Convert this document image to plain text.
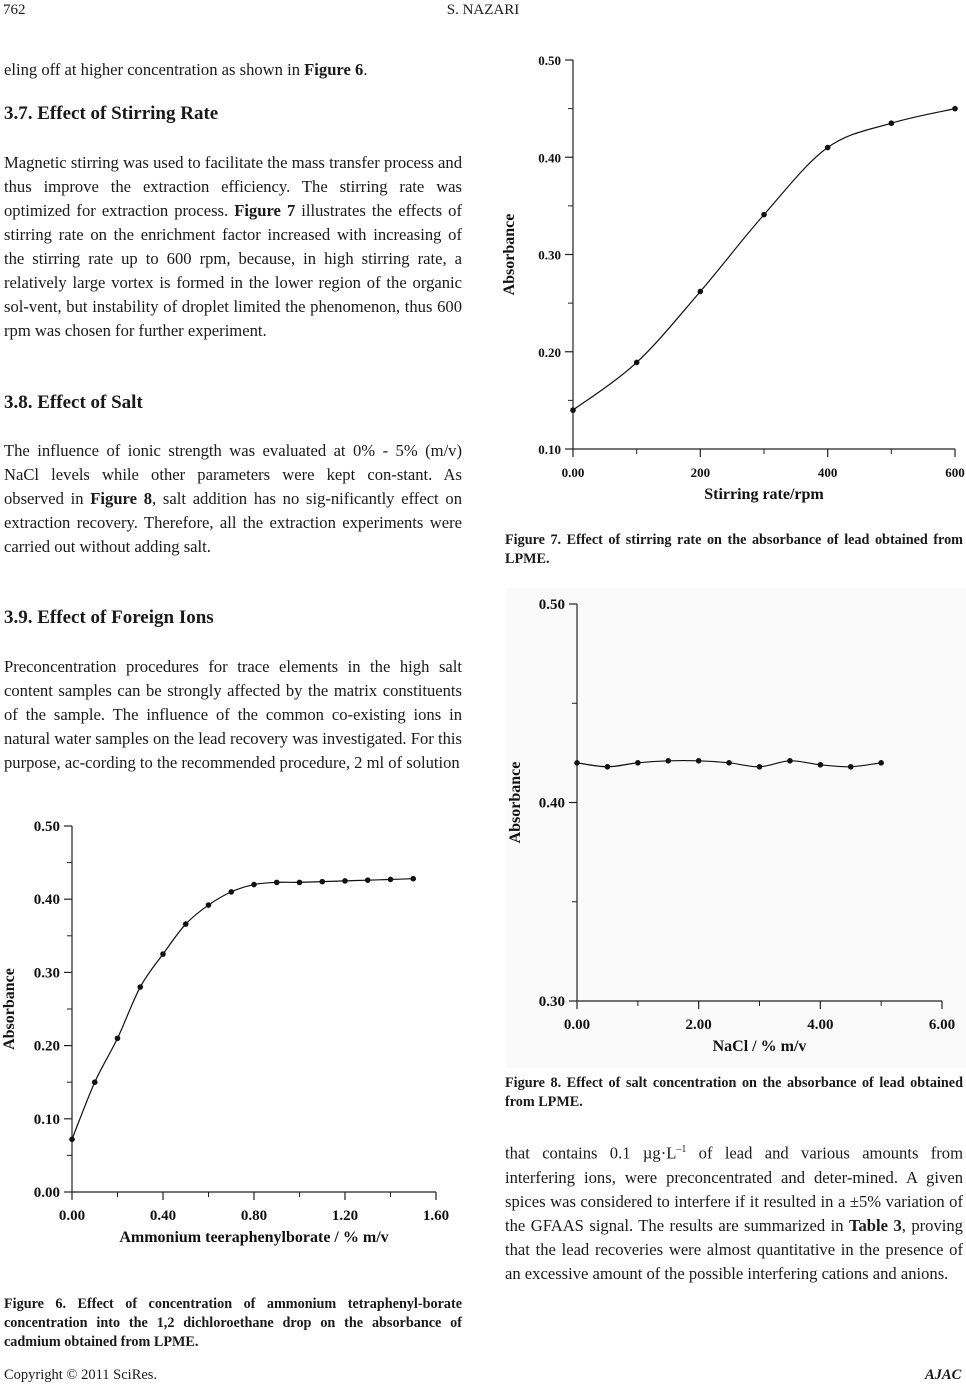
762	S. NAZARI
eling off at higher concentration as shown in Figure 6.
3.7. Effect of Stirring Rate

Magnetic stirring was used to facilitate the mass transfer process and thus improve the extraction efficiency. The stirring rate was optimized for extraction process. Figure 7 illustrates the effects of stirring rate on the enrichment factor increased with increasing of the stirring rate up to 600 rpm, because, in high stirring rate, a relatively large vortex is formed in the lower region of the organic sol-vent, but instability of droplet limited the phenomenon, thus 600 rpm was chosen for further experiment.

3.8. Effect of Salt

The influence of ionic strength was evaluated at 0% - 5% (m/v) NaCl levels while other parameters were kept con-stant. As observed in Figure 8, salt addition has no sig-nificantly effect on extraction recovery. Therefore, all the extraction experiments were carried out without adding salt.

3.9. Effect of Foreign Ions

Preconcentration procedures for trace elements in the high salt content samples can be strongly affected by the matrix constituents of the sample. The influence of the common co-existing ions in natural water samples on the lead recovery was investigated. For this purpose, ac-cording to the recommended procedure, 2 ml of solution

0.00
0.10
0.20
0.30
0.40
0.50
0.00	0.40	0.80	1.20	1.60
Ammonium teeraphenylborate / % m/v
Absorbance
Figure 6. Effect of concentration of ammonium tetraphenyl-borate concentration into the 1,2 dichloroethane drop on the absorbance of cadmium obtained from LPME.
0.10
0.20
0.30
0.40
0.50
0.00	200	400	600
Stirring rate/rpm
Absorbance
Figure 7. Effect of stirring rate on the absorbance of lead obtained from LPME.
0.30
0.40
0.50
0.00	2.00	4.00	6.00
NaCl / % m/v
Absorbance
Figure 8. Effect of salt concentration on the absorbance of lead obtained from LPME.

that contains 0.1 $\mu g\cdot L^{-1}$ of lead and various amounts from interfering ions, were preconcentrated and deter-mined. A given spices was considered to interfere if it resulted in a ±5% variation of the GFAAS signal. The results are summarized in Table 3, proving that the lead recoveries were almost quantitative in the presence of an excessive amount of the possible interfering cations and anions.

Copyright © 2011 SciRes.	AJAC
